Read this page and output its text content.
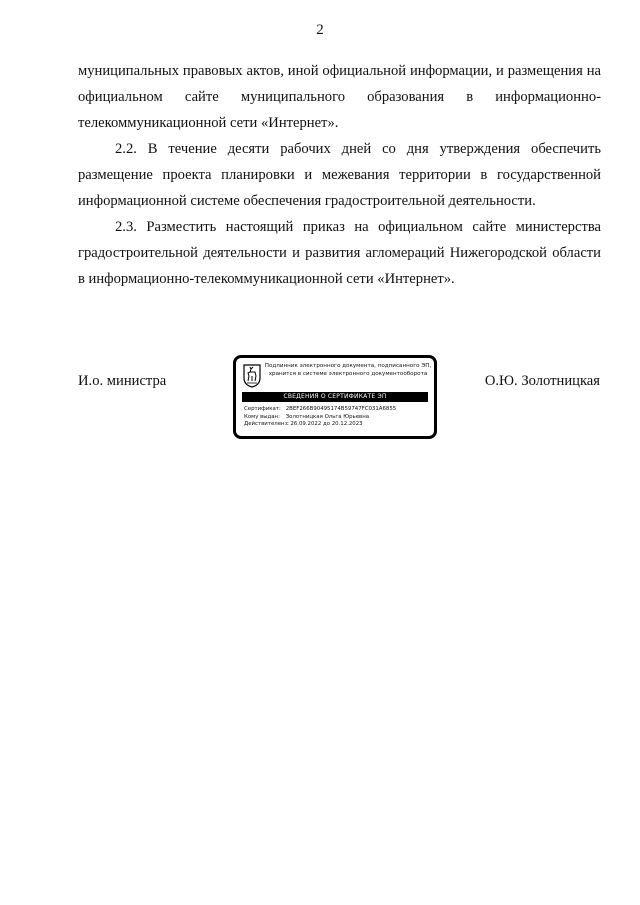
2

муниципальных правовых актов, иной официальной информации, и размещения на официальном сайте муниципального образования в информационно-телекоммуникационной сети «Интернет».

2.2. В течение десяти рабочих дней со дня утверждения обеспечить размещение проекта планировки и межевания территории в государственной информационной системе обеспечения градостроительной деятельности.

2.3. Разместить настоящий приказ на официальном сайте министерства градостроительной деятельности и развития агломераций Нижегородской области в информационно-телекоммуникационной сети «Интернет».

И.о. министра
Подлинник электронного документа, подписанного ЭП,
хранится в системе электронного документооборота
СВЕДЕНИЯ О СЕРТИФИКАТЕ ЭП
Сертификат: 2BEF266B90495174B59747FC031A6855
Кому выдан: Золотницкая Ольга Юрьевна
Действителен: с 26.09.2022 до 20.12.2023
О.Ю. Золотницкая
